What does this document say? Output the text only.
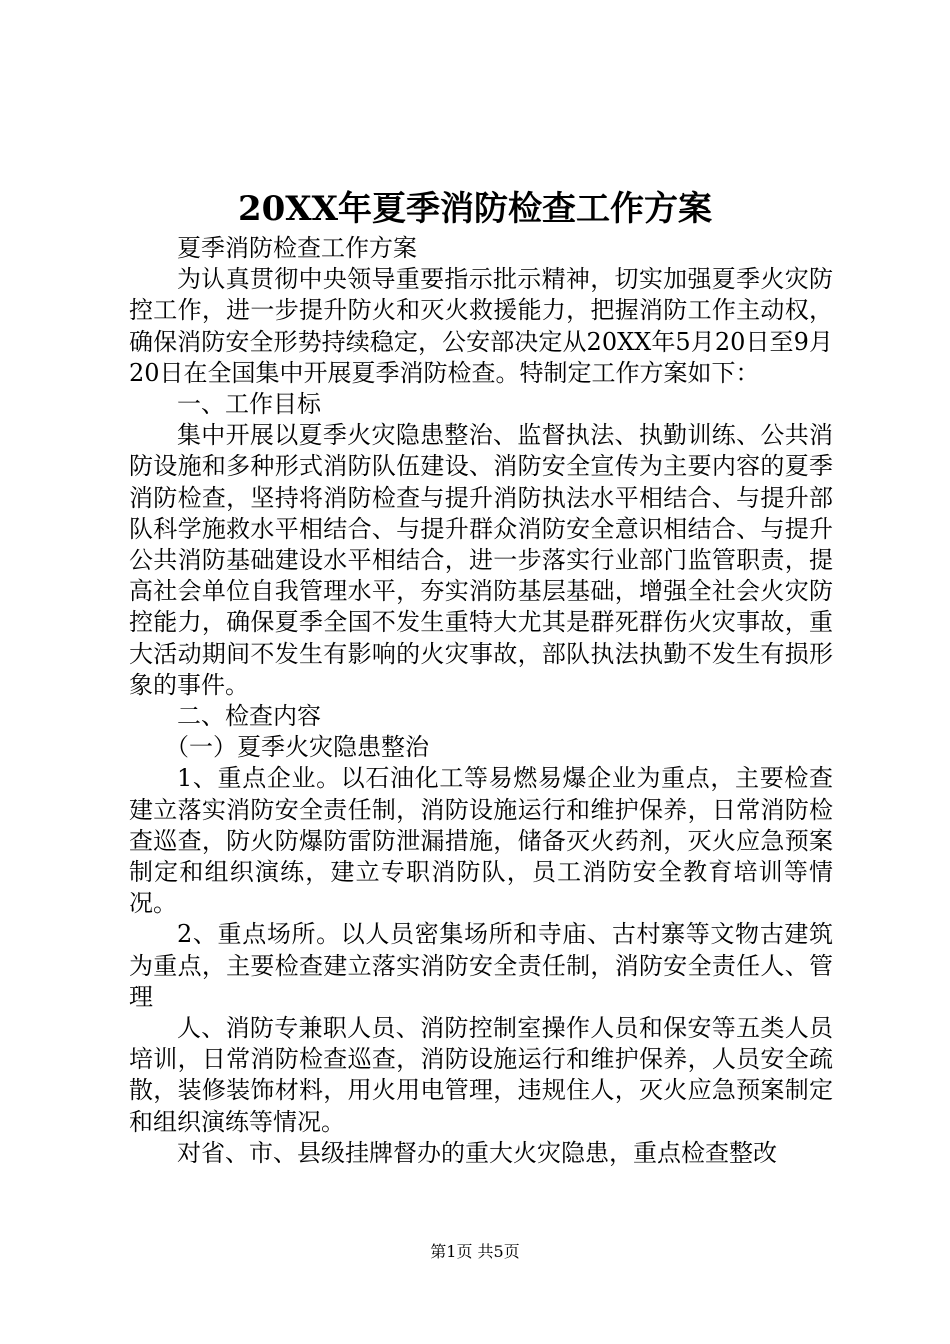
20XX年夏季消防检查工作方案

夏季消防检查工作方案

为认真贯彻中央领导重要指示批示精神，切实加强夏季火灾防控工作，进一步提升防火和灭火救援能力，把握消防工作主动权，确保消防安全形势持续稳定，公安部决定从20XX年5月20日至9月20日在全国集中开展夏季消防检查。特制定工作方案如下：

一、工作目标

集中开展以夏季火灾隐患整治、监督执法、执勤训练、公共消防设施和多种形式消防队伍建设、消防安全宣传为主要内容的夏季消防检查，坚持将消防检查与提升消防执法水平相结合、与提升部队科学施救水平相结合、与提升群众消防安全意识相结合、与提升公共消防基础建设水平相结合，进一步落实行业部门监管职责，提高社会单位自我管理水平，夯实消防基层基础，增强全社会火灾防控能力，确保夏季全国不发生重特大尤其是群死群伤火灾事故，重大活动期间不发生有影响的火灾事故，部队执法执勤不发生有损形象的事件。

二、检查内容

（一）夏季火灾隐患整治

1、重点企业。以石油化工等易燃易爆企业为重点，主要检查建立落实消防安全责任制，消防设施运行和维护保养，日常消防检查巡查，防火防爆防雷防泄漏措施，储备灭火药剂，灭火应急预案制定和组织演练，建立专职消防队，员工消防安全教育培训等情况。

2、重点场所。以人员密集场所和寺庙、古村寨等文物古建筑为重点，主要检查建立落实消防安全责任制，消防安全责任人、管理

人、消防专兼职人员、消防控制室操作人员和保安等五类人员培训，日常消防检查巡查，消防设施运行和维护保养，人员安全疏散，装修装饰材料，用火用电管理，违规住人，灭火应急预案制定和组织演练等情况。

对省、市、县级挂牌督办的重大火灾隐患，重点检查整改

第1页 共5页
